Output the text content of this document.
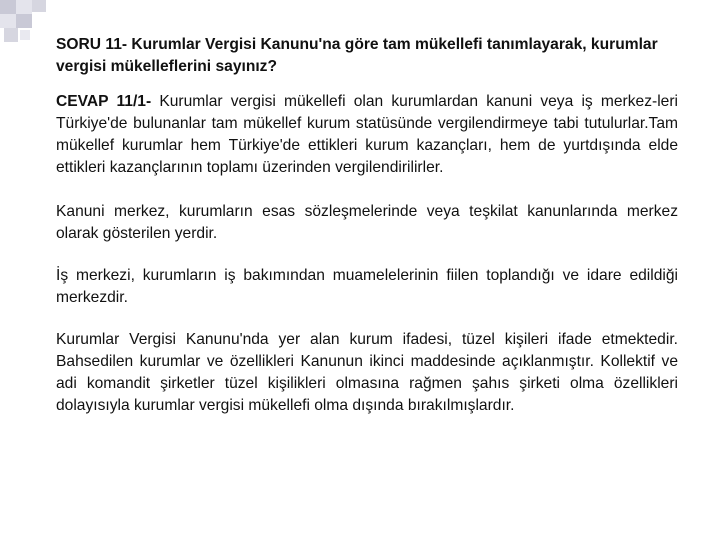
SORU 11- Kurumlar Vergisi Kanunu'na göre tam mükellefi tanımlayarak, kurumlar vergisi mükelleflerini sayınız?

CEVAP 11/1- Kurumlar vergisi mükellefi olan kurumlardan kanuni veya iş merkez-leri Türkiye'de bulunanlar tam mükellef kurum statüsünde vergilendirmeye tabi tutulurlar.Tam mükellef kurumlar hem Türkiye'de ettikleri kurum kazançları, hem de yurtdışında elde ettikleri kazançlarının toplamı üzerinden vergilendirilirler.

Kanuni merkez, kurumların esas sözleşmelerinde veya teşkilat kanunlarında merkez olarak gösterilen yerdir.

İş merkezi, kurumların iş bakımından muamelelerinin fiilen toplandığı ve idare edildiği merkezdir.

Kurumlar Vergisi Kanunu'nda yer alan kurum ifadesi, tüzel kişileri ifade etmektedir. Bahsedilen kurumlar ve özellikleri Kanunun ikinci maddesinde açıklanmıştır. Kollektif ve adi komandit şirketler tüzel kişilikleri olmasına rağmen şahıs şirketi olma özellikleri dolayısıyla kurumlar vergisi mükellefi olma dışında bırakılmışlardır.
